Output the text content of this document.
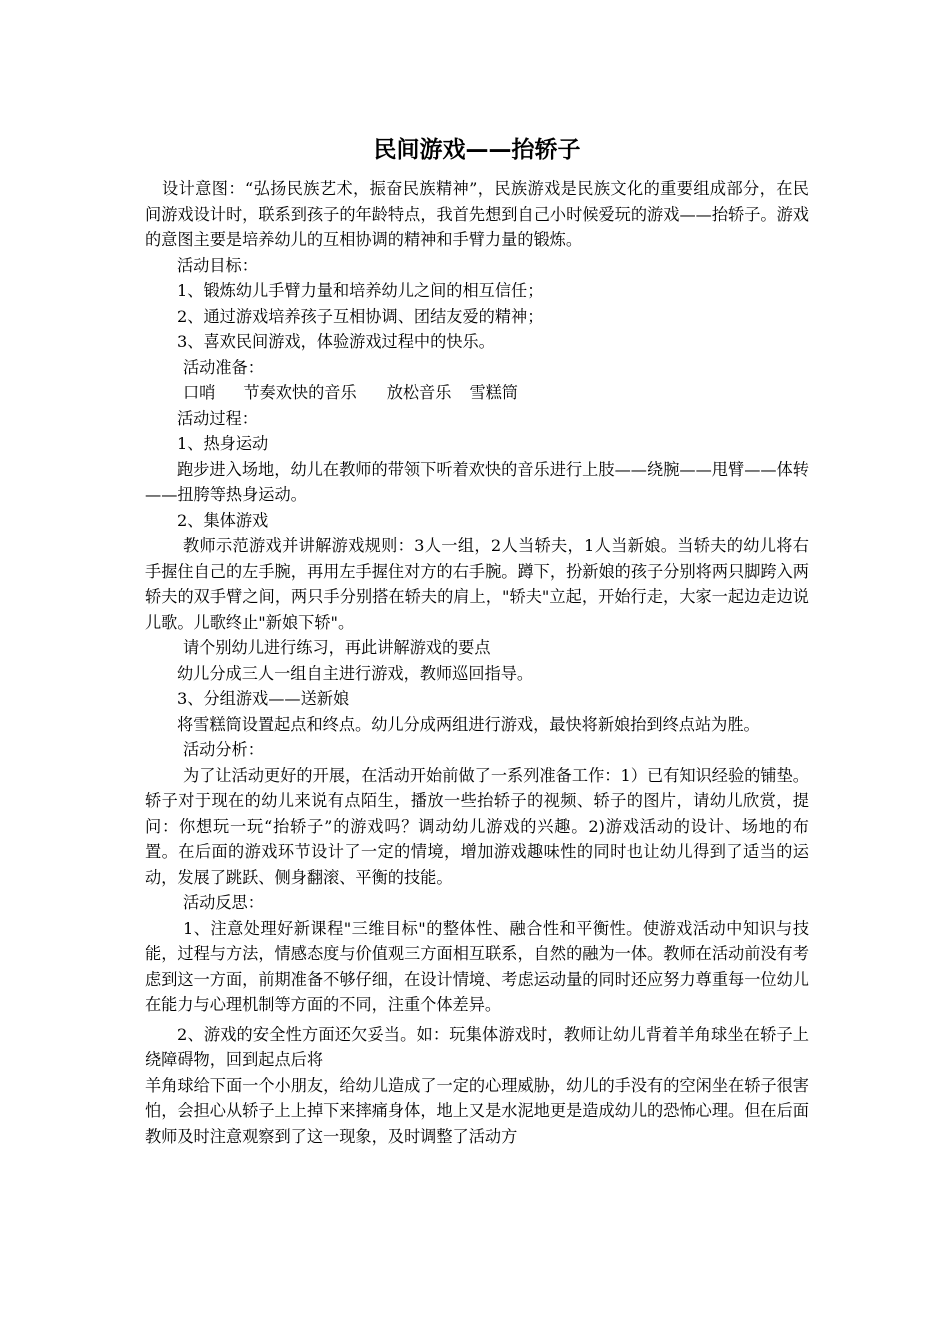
民间游戏——抬轿子

设计意图：“弘扬民族艺术，振奋民族精神”，民族游戏是民族文化的重要组成部分，在民间游戏设计时，联系到孩子的年龄特点，我首先想到自己小时候爱玩的游戏——抬轿子。游戏的意图主要是培养幼儿的互相协调的精神和手臂力量的锻炼。

活动目标：

1、锻炼幼儿手臂力量和培养幼儿之间的相互信任；

2、通过游戏培养孩子互相协调、团结友爱的精神；

3、喜欢民间游戏，体验游戏过程中的快乐。

活动准备：

口哨 节奏欢快的音乐 放松音乐 雪糕筒

活动过程：

1、热身运动

跑步进入场地，幼儿在教师的带领下听着欢快的音乐进行上肢——绕腕——甩臂——体转——扭胯等热身运动。

2、集体游戏

教师示范游戏并讲解游戏规则：3人一组，2人当轿夫，1人当新娘。当轿夫的幼儿将右手握住自己的左手腕，再用左手握住对方的右手腕。蹲下，扮新娘的孩子分别将两只脚跨入两轿夫的双手臂之间，两只手分别搭在轿夫的肩上，"轿夫"立起，开始行走，大家一起边走边说儿歌。儿歌终止"新娘下轿"。

请个别幼儿进行练习，再此讲解游戏的要点

幼儿分成三人一组自主进行游戏，教师巡回指导。

3、分组游戏——送新娘

将雪糕筒设置起点和终点。幼儿分成两组进行游戏，最快将新娘抬到终点站为胜。

活动分析：

为了让活动更好的开展，在活动开始前做了一系列准备工作：1）已有知识经验的铺垫。轿子对于现在的幼儿来说有点陌生，播放一些抬轿子的视频、轿子的图片，请幼儿欣赏，提问：你想玩一玩“抬轿子”的游戏吗？调动幼儿游戏的兴趣。2)游戏活动的设计、场地的布置。在后面的游戏环节设计了一定的情境，增加游戏趣味性的同时也让幼儿得到了适当的运动，发展了跳跃、侧身翻滚、平衡的技能。

活动反思：

1、注意处理好新课程"三维目标"的整体性、融合性和平衡性。使游戏活动中知识与技能，过程与方法，情感态度与价值观三方面相互联系，自然的融为一体。教师在活动前没有考虑到这一方面，前期准备不够仔细，在设计情境、考虑运动量的同时还应努力尊重每一位幼儿在能力与心理机制等方面的不同，注重个体差异。

2、游戏的安全性方面还欠妥当。如：玩集体游戏时，教师让幼儿背着羊角球坐在轿子上绕障碍物，回到起点后将

羊角球给下面一个小朋友，给幼儿造成了一定的心理威胁，幼儿的手没有的空闲坐在轿子很害怕，会担心从轿子上上掉下来摔痛身体，地上又是水泥地更是造成幼儿的恐怖心理。但在后面教师及时注意观察到了这一现象，及时调整了活动方
